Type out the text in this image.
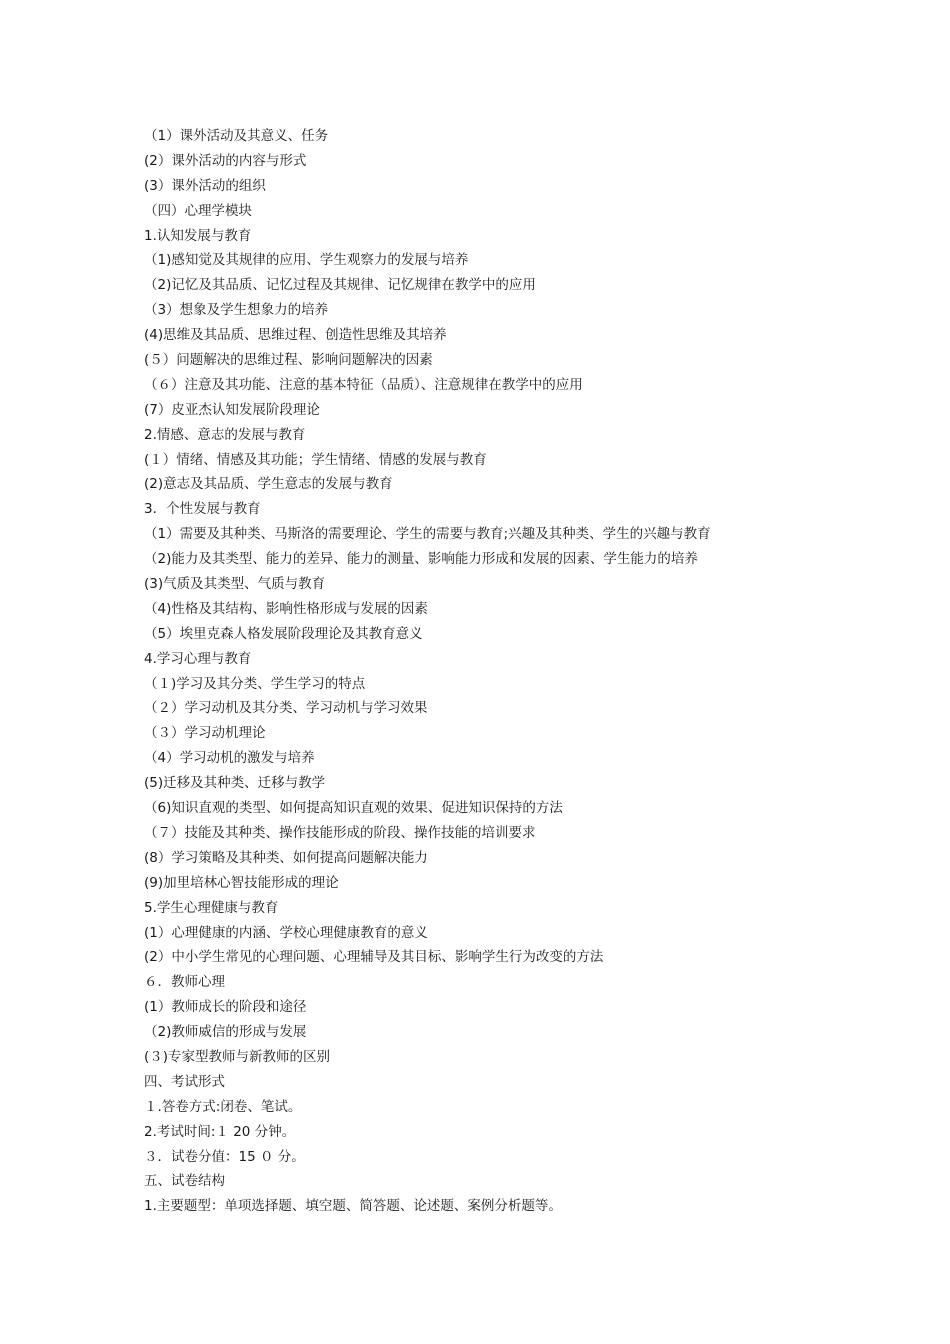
（1）课外活动及其意义、任务
(2）课外活动的内容与形式
(3）课外活动的组织
（四）心理学模块
1.认知发展与教育
（1)感知觉及其规律的应用、学生观察力的发展与培养
（2)记忆及其品质、记忆过程及其规律、记忆规律在教学中的应用
（3）想象及学生想象力的培养
(4)思维及其品质、思维过程、创造性思维及其培养
(５）问题解决的思维过程、影响问题解决的因素
（６）注意及其功能、注意的基本特征（品质）、注意规律在教学中的应用
(7）皮亚杰认知发展阶段理论
2.情感、意志的发展与教育
(１）情绪、情感及其功能；学生情绪、情感的发展与教育
(2)意志及其品质、学生意志的发展与教育
3．个性发展与教育
（1）需要及其种类、马斯洛的需要理论、学生的需要与教育;兴趣及其种类、学生的兴趣与教育
（2)能力及其类型、能力的差异、能力的测量、影响能力形成和发展的因素、学生能力的培养
(3)气质及其类型、气质与教育
（4)性格及其结构、影响性格形成与发展的因素
（5）埃里克森人格发展阶段理论及其教育意义
4.学习心理与教育
（１)学习及其分类、学生学习的特点
（２）学习动机及其分类、学习动机与学习效果
（３）学习动机理论
（4）学习动机的激发与培养
(5)迁移及其种类、迁移与教学
（6)知识直观的类型、如何提高知识直观的效果、促进知识保持的方法
（７）技能及其种类、操作技能形成的阶段、操作技能的培训要求
(8）学习策略及其种类、如何提高问题解决能力
(9)加里培林心智技能形成的理论
5.学生心理健康与教育
(1）心理健康的内涵、学校心理健康教育的意义
(2）中小学生常见的心理问题、心理辅导及其目标、影响学生行为改变的方法
６．教师心理
(1）教师成长的阶段和途径
（2)教师威信的形成与发展
(３)专家型教师与新教师的区别
四、考试形式
１.答卷方式:闭卷、笔试。
2.考试时间:１ 20 分钟。
３．试卷分值：15 ０ 分。
五、试卷结构
1.主要题型：单项选择题、填空题、简答题、论述题、案例分析题等。
